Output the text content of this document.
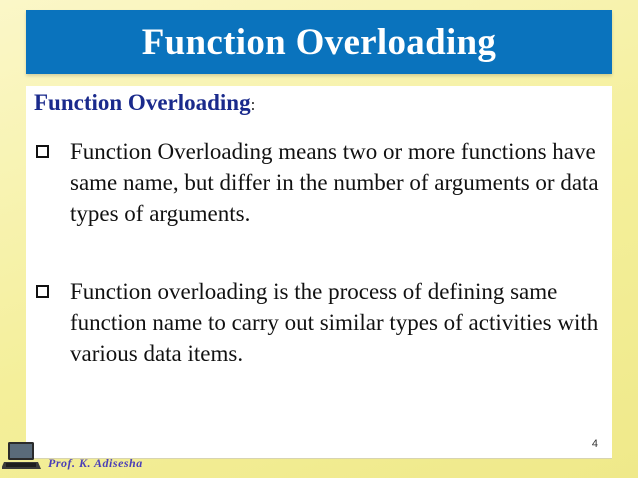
Function Overloading
Function Overloading:
Function Overloading means two or more functions have same name, but differ in the number of arguments or data types of arguments.
Function overloading is the process of defining same function name to carry out similar types of activities with various data items.
4
Prof. K. Adisesha
